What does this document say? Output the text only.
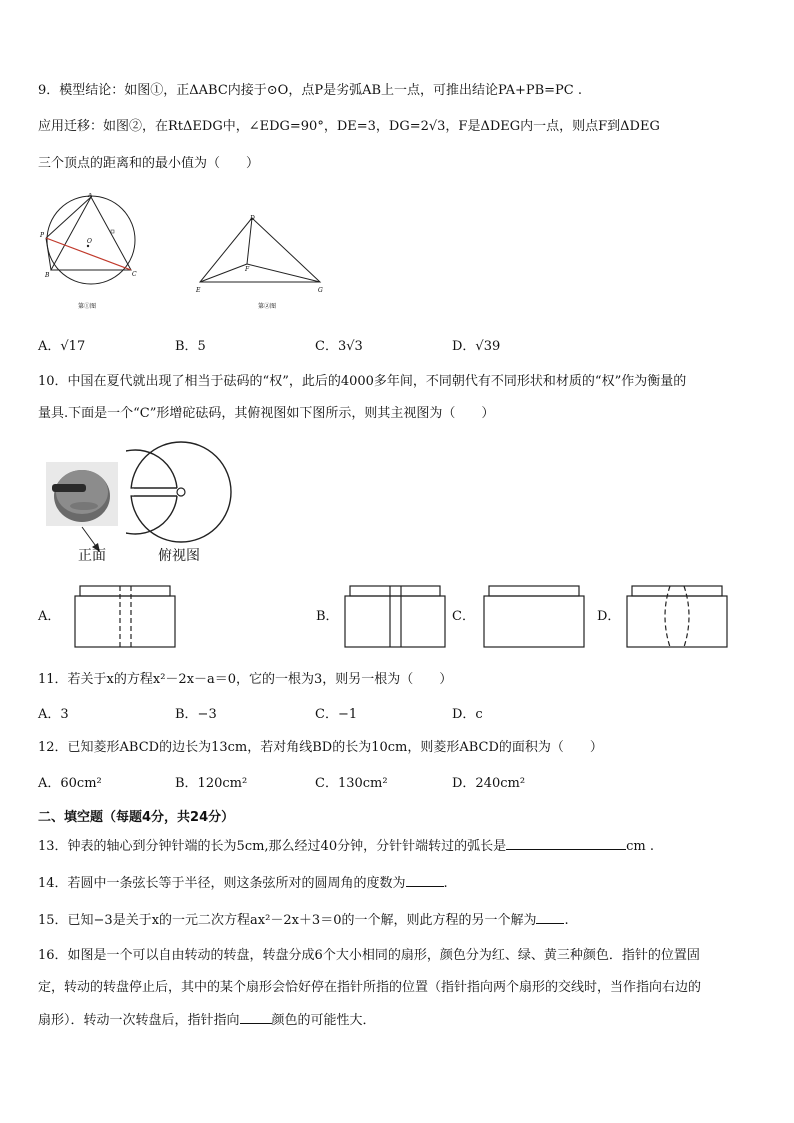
9．模型结论：如图①，正ΔABC内接于⊙O，点P是劣弧AB上一点，可推出结论PA+PB=PC .
应用迁移：如图②，在RtΔEDG中，∠EDG=90°，DE=3，DG=2√3，F是ΔDEG内一点，则点F到ΔDEG
三个顶点的距离和的最小值为（　　）
A
P
O
B	C
第①图
D
F
E	G
第②图
A．√17	B．5	C．3√3	D．√39
10．中国在夏代就出现了相当于砝码的“权”，此后的4000多年间，不同朝代有不同形状和材质的“权”作为衡量的
量具.下面是一个“C”形增砣砝码，其俯视图如下图所示，则其主视图为（　　）
正面	俯视图
A．	B．	C．	D．
11．若关于x的方程x²－2x－a＝0，它的一根为3，则另一根为（　　）
A．3	B．−3	C．−1	D．c
12．已知菱形ABCD的边长为13cm，若对角线BD的长为10cm，则菱形ABCD的面积为（　　）
A．60cm²	B．120cm²	C．130cm²	D．240cm²
二、填空题（每题4分，共24分）
13．钟表的轴心到分钟针端的长为5cm,那么经过40分钟，分针针端转过的弧长是	cm .
14．若圆中一条弦长等于半径，则这条弦所对的圆周角的度数为	.
15．已知−3是关于x的一元二次方程ax²－2x＋3＝0的一个解，则此方程的另一个解为 .
16．如图是一个可以自由转动的转盘，转盘分成6个大小相同的扇形，颜色分为红、绿、黄三种颜色．指针的位置固
定，转动的转盘停止后，其中的某个扇形会恰好停在指针所指的位置（指针指向两个扇形的交线时，当作指向右边的
扇形）．转动一次转盘后，指针指向 颜色的可能性大．
